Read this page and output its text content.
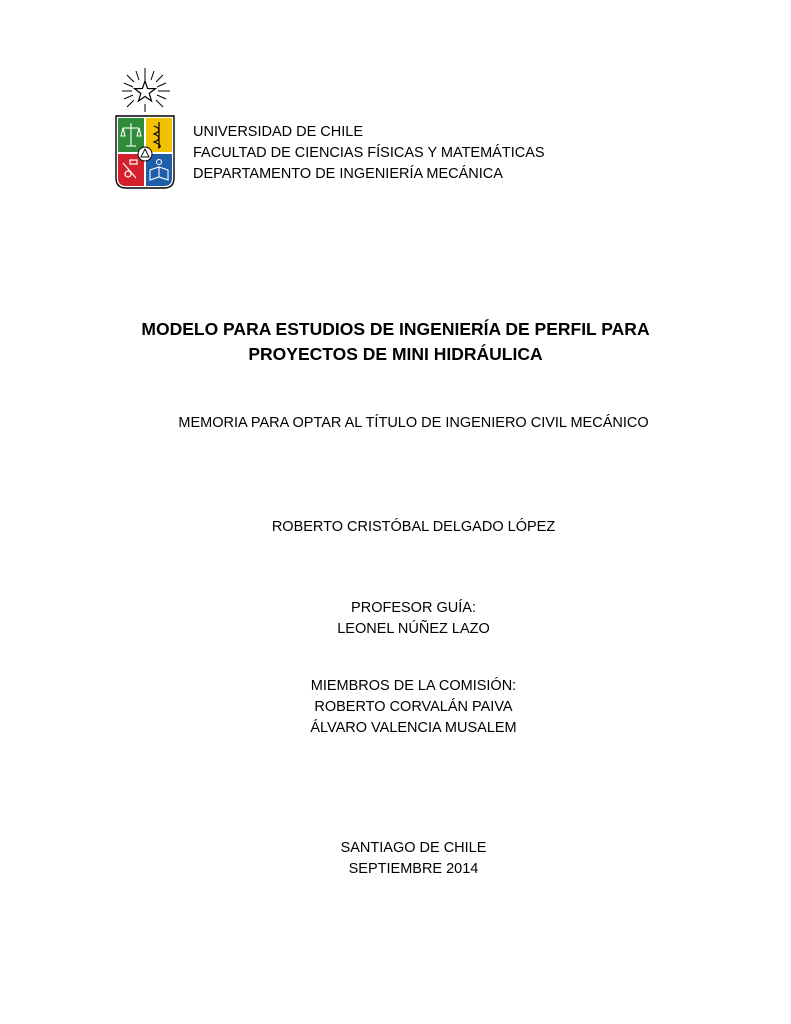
UNIVERSIDAD DE CHILE
FACULTAD DE CIENCIAS FÍSICAS Y MATEMÁTICAS
DEPARTAMENTO DE INGENIERÍA MECÁNICA
MODELO PARA ESTUDIOS DE INGENIERÍA DE PERFIL PARA
PROYECTOS DE MINI HIDRÁULICA
MEMORIA PARA OPTAR AL TÍTULO DE INGENIERO CIVIL MECÁNICO
ROBERTO CRISTÓBAL DELGADO LÓPEZ
PROFESOR GUÍA:
LEONEL NÚÑEZ LAZO
MIEMBROS DE LA COMISIÓN:
ROBERTO CORVALÁN PAIVA
ÁLVARO VALENCIA MUSALEM
SANTIAGO DE CHILE
SEPTIEMBRE 2014
